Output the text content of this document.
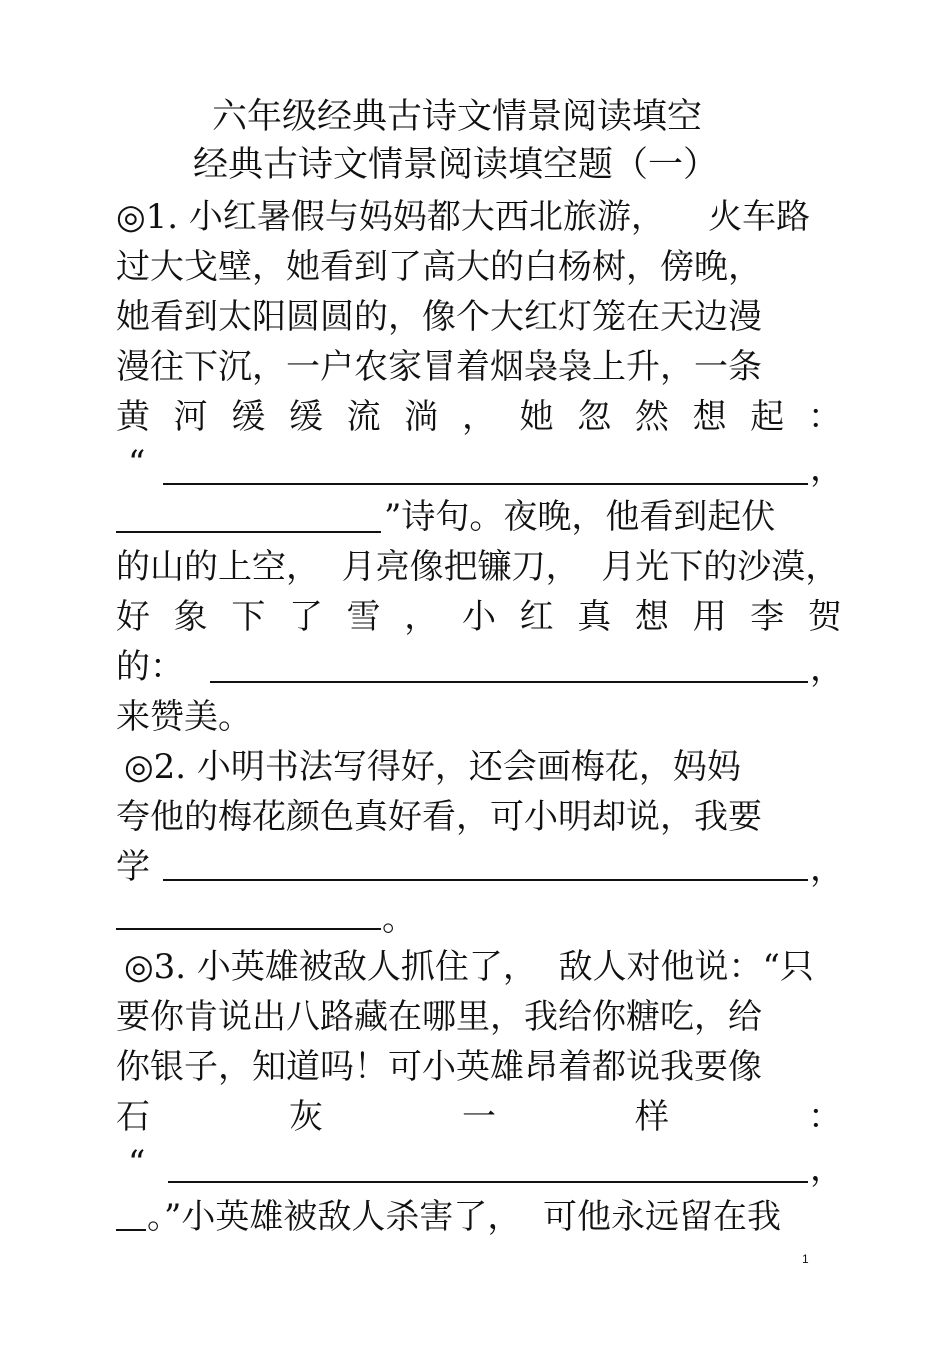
六年级经典古诗文情景阅读填空
经典古诗文情景阅读填空题（一）
◎1. 小红暑假与妈妈都大西北旅游，    火车路
过大戈壁，她看到了高大的白杨树，傍晚，
她看到太阳圆圆的，像个大红灯笼在天边漫
漫往下沉，一户农家冒着烟袅袅上升，一条
黄 河 缓 缓 流 淌 ， 她 忽 然 想 起 ：
“	，
”诗句。夜晚，他看到起伏
的山的上空，  月亮像把镰刀，  月光下的沙漠，
好 象 下 了 雪 ， 小 红 真 想 用 李 贺
的：	，
来赞美。
◎2. 小明书法写得好，还会画梅花，妈妈
夸他的梅花颜色真好看，可小明却说，我要
学	，
。
◎3. 小英雄被敌人抓住了，  敌人对他说：“只
要你肯说出八路藏在哪里，我给你糖吃，给
你银子，知道吗！可小英雄昂着都说我要像
石	灰	一	样	：
“	，
。”小英雄被敌人杀害了，  可他永远留在我
1
